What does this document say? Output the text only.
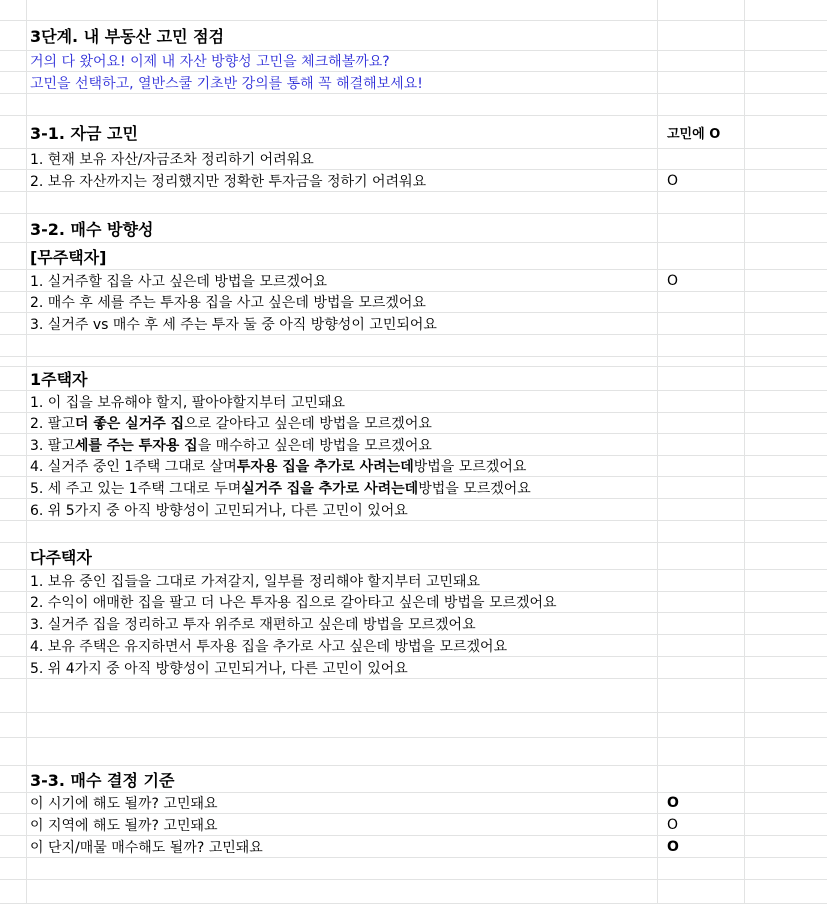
3단계. 내 부동산 고민 점검
거의 다 왔어요! 이제 내 자산 방향성 고민을 체크해볼까요?
고민을 선택하고, 열반스쿨 기초반 강의를 통해 꼭 해결해보세요!
3-1. 자금 고민	고민에 O
1. 현재 보유 자산/자금조차 정리하기 어려워요
2. 보유 자산까지는 정리했지만 정확한 투자금을 정하기 어려워요	O
3-2. 매수 방향성
[무주택자]
1. 실거주할 집을 사고 싶은데 방법을 모르겠어요	O
2. 매수 후 세를 주는 투자용 집을 사고 싶은데 방법을 모르겠어요
3. 실거주 vs 매수 후 세 주는 투자 둘 중 아직 방향성이 고민되어요
1주택자
1. 이 집을 보유해야 할지, 팔아야할지부터 고민돼요
2. 팔고 더 좋은 실거주 집 으로 갈아타고 싶은데 방법을 모르겠어요
3. 팔고 세를 주는 투자용 집 을 매수하고 싶은데 방법을 모르겠어요
4. 실거주 중인 1주택 그대로 살며 투자용 집을 추가로 사려는데 방법을 모르겠어요
5. 세 주고 있는 1주택 그대로 두며 실거주 집을 추가로 사려는데 방법을 모르겠어요
6. 위 5가지 중 아직 방향성이 고민되거나, 다른 고민이 있어요
다주택자
1. 보유 중인 집들을 그대로 가져갈지, 일부를 정리해야 할지부터 고민돼요
2. 수익이 애매한 집을 팔고 더 나은 투자용 집으로 갈아타고 싶은데 방법을 모르겠어요
3. 실거주 집을 정리하고 투자 위주로 재편하고 싶은데 방법을 모르겠어요
4. 보유 주택은 유지하면서 투자용 집을 추가로 사고 싶은데 방법을 모르겠어요
5. 위 4가지 중 아직 방향성이 고민되거나, 다른 고민이 있어요
3-3. 매수 결정 기준
이 시기에 해도 될까? 고민돼요	O
이 지역에 해도 될까? 고민돼요	O
이 단지/매물 매수해도 될까? 고민돼요	O
